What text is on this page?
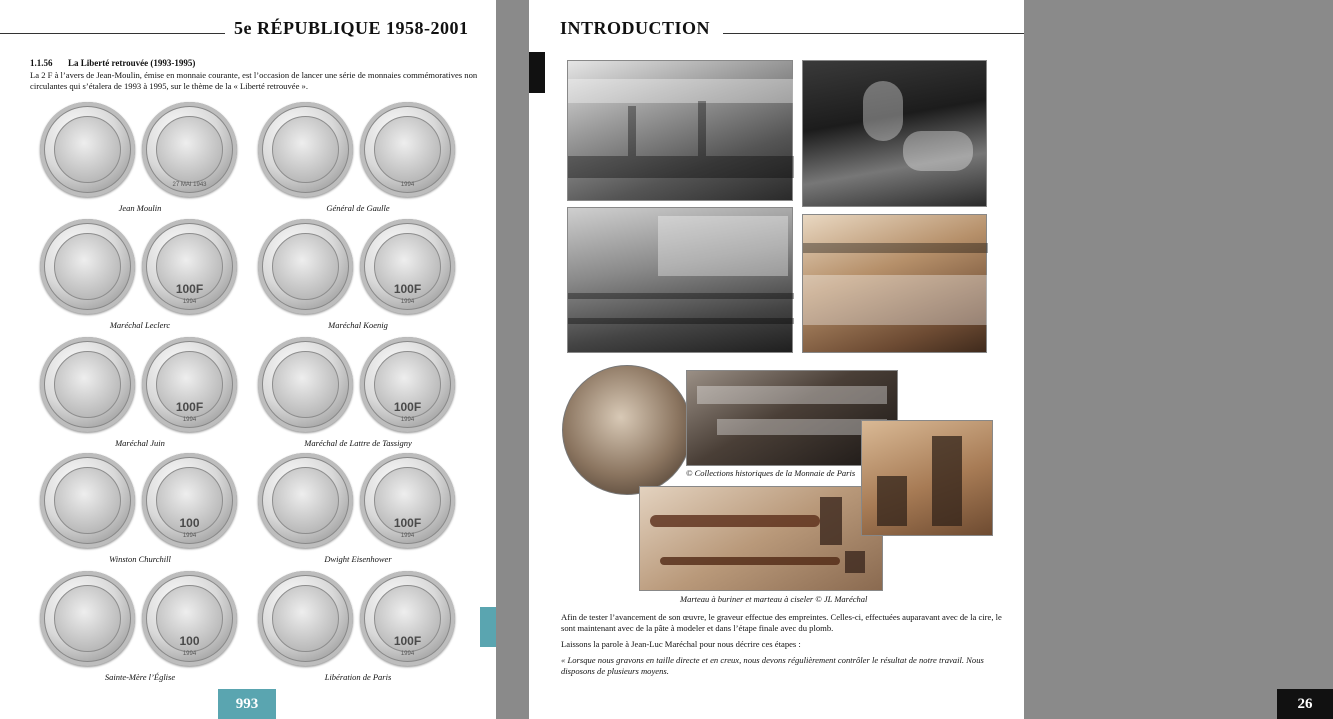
5e RÉPUBLIQUE 1958-2001
1.1.56 La Liberté retrouvée (1993-1995)
La 2 F à l’avers de Jean-Moulin, émise en monnaie courante, est l’occasion de lancer une série de monnaies commémoratives non circulantes qui s’étalera de 1993 à 1995, sur le thème de la « Liberté retrouvée ».
27 MAI 1943
Jean Moulin
1994
Général de Gaulle
100F
1994
Maréchal Leclerc
100F
1994
Maréchal Koenig
100F
1994
Maréchal Juin
100F
1994
Maréchal de Lattre de Tassigny
100
1994
Winston Churchill
100F
1994
Dwight Eisenhower
100
1994
Sainte-Mère l’Église
100F
1994
Libération de Paris
993
INTRODUCTION
26
© Collections historiques de la Monnaie de Paris
Marteau à buriner et marteau à ciseler © JL Maréchal

Afin de tester l’avancement de son œuvre, le graveur effectue des empreintes. Celles-ci, effectuées auparavant avec de la cire, le sont maintenant avec de la pâte à modeler et dans l’étape finale avec du plomb.

Laissons la parole à Jean-Luc Maréchal pour nous décrire ces étapes :

« Lorsque nous gravons en taille directe et en creux, nous devons régulièrement contrôler le résultat de notre travail. Nous disposons de plusieurs moyens.
